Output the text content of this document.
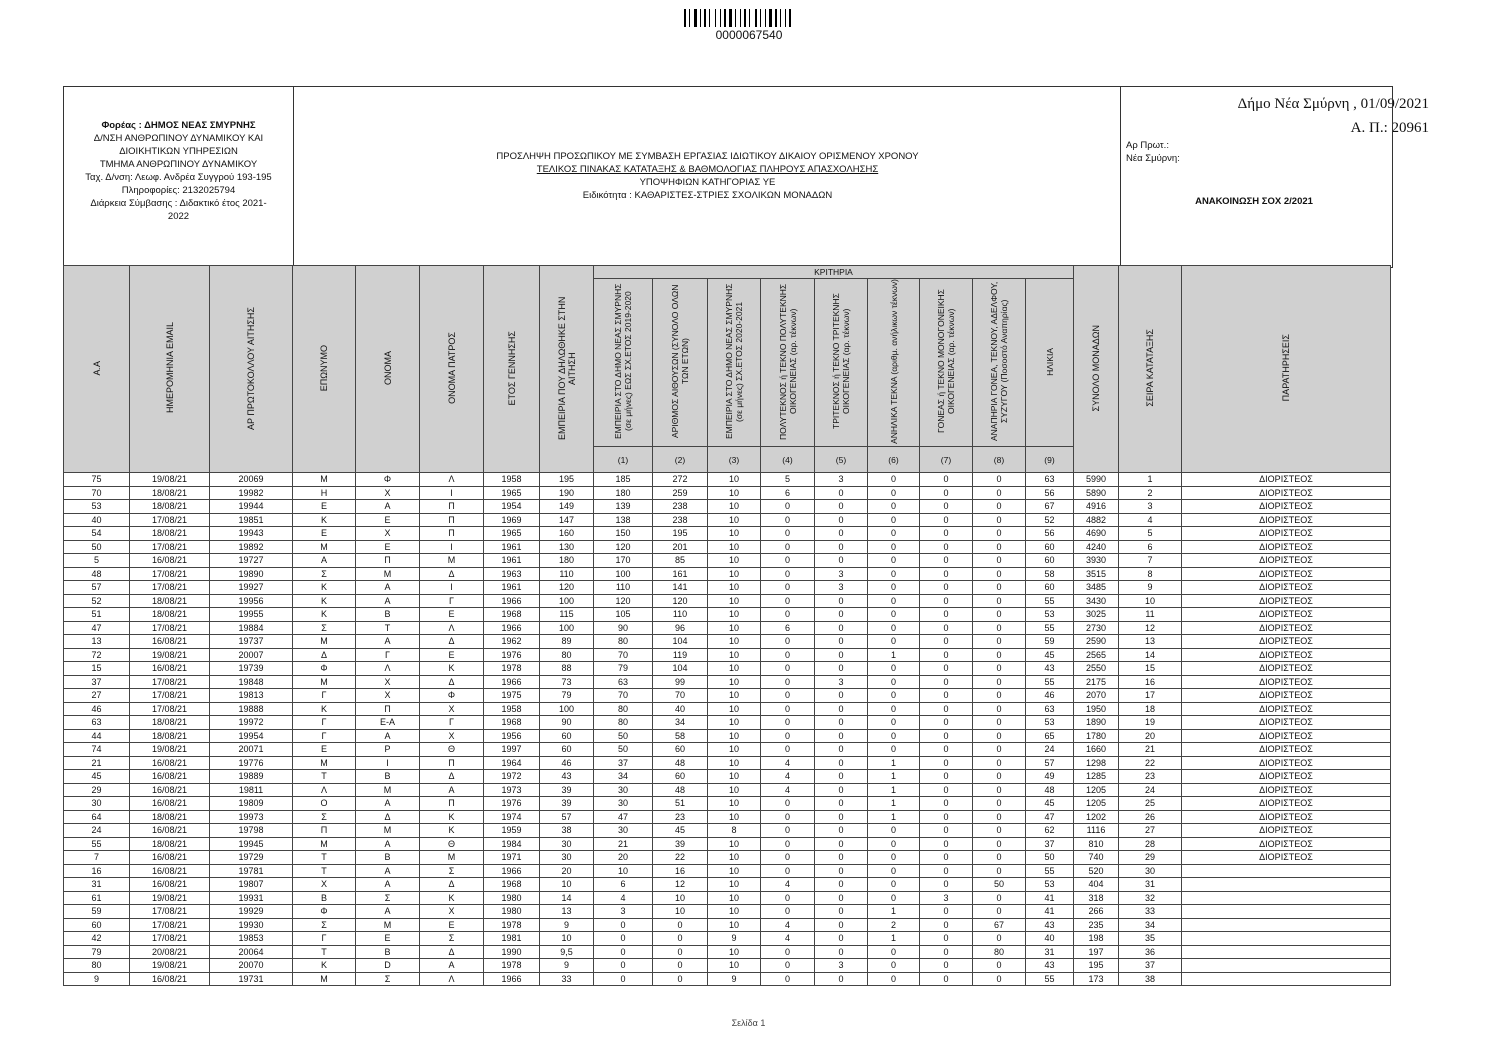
0000067540
Δήμο Νέα Σμύρνη , 01/09/2021
Α. Π.: 20961
Φορέας : ΔΗΜΟΣ ΝΕΑΣ ΣΜΥΡΝΗΣ
Δ/ΝΣΗ ΑΝΘΡΩΠΙΝΟΥ ΔΥΝΑΜΙΚΟΥ ΚΑΙ
ΔΙΟΙΚΗΤΙΚΩΝ ΥΠΗΡΕΣΙΩΝ
ΤΜΗΜΑ ΑΝΘΡΩΠΙΝΟΥ ΔΥΝΑΜΙΚΟΥ
Ταχ. Δ/νση: Λεωφ. Ανδρέα Συγγρού 193-195
Πληροφορίες: 2132025794
Διάρκεια Σύμβασης : Διδακτικό έτος 2021-
2022
ΠΡΟΣΛΗΨΗ ΠΡΟΣΩΠΙΚΟΥ ΜΕ ΣΥΜΒΑΣΗ ΕΡΓΑΣΙΑΣ ΙΔΙΩΤΙΚΟΥ ΔΙΚΑΙΟΥ ΟΡΙΣΜΕΝΟΥ ΧΡΟΝΟΥ
ΤΕΛΙΚΟΣ ΠΙΝΑΚΑΣ ΚΑΤΑΤΑΞΗΣ & ΒΑΘΜΟΛΟΓΙΑΣ ΠΛΗΡΟΥΣ ΑΠΑΣΧΟΛΗΣΗΣ
ΥΠΟΨΗΦΙΩΝ ΚΑΤΗΓΟΡΙΑΣ ΥΕ
Ειδικότητα : ΚΑΘΑΡΙΣΤΕΣ-ΣΤΡΙΕΣ ΣΧΟΛΙΚΩΝ ΜΟΝΑΔΩΝ
Αρ Πρωτ.:
Νέα Σμύρνη:
ΑΝΑΚΟΙΝΩΣΗ ΣΟΧ 2/2021
Α.Α	ΗΜΕΡΟΜΗΝΙΑ EMAIL	ΑΡ ΠΡΩΤΟΚΟΛΛΟΥ ΑΙΤΗΣΗΣ	ΕΠΩΝΥΜΟ	ΟΝΟΜΑ	ΟΝΟΜΑ ΠΑΤΡΟΣ	ΕΤΟΣ ΓΕΝΝΗΣΗΣ	ΕΜΠΕΙΡΙΑ ΠΟΥ ΔΗΛΩΘΗΚΕ ΣΤΗΝ ΑΙΤΗΣΗ	ΚΡΙΤΗΡΙΑ									ΣΥΝΟΛΟ ΜΟΝΑΔΩΝ	ΣΕΙΡΑ ΚΑΤΑΤΑΞΗΣ	ΠΑΡΑΤΗΡΗΣΕΙΣ
								ΕΜΠΕΙΡΙΑ ΣΤΟ ΔΗΜΟ ΝΕΑΣ ΣΜΥΡΝΗΣ (σε μήνες) ΕΩΣ ΣΧ.ΕΤΟΣ 2019-2020	ΑΡΙΘΜΟΣ ΑΙΘΟΥΣΩΝ (ΣΥΝΟΛΟ ΟΛΩΝ ΤΩΝ ΕΤΩΝ)	ΕΜΠΕΙΡΙΑ ΣΤΟ ΔΗΜΟ ΝΕΑΣ ΣΜΥΡΝΗΣ (σε μήνες) ΣΧ.ΕΤΟΣ 2020-2021	ΠΟΛΥΤΕΚΝΟΣ ή ΤΕΚΝΟ ΠΟΛΥΤΕΚΝΗΣ ΟΙΚΟΓΕΝΕΙΑΣ (αρ. τέκνων)	ΤΡΙΤΕΚΝΟΣ ή ΤΕΚΝΟ ΤΡΙΤΕΚΝΗΣ ΟΙΚΟΓΕΝΕΙΑΣ (αρ. τέκνων)	ΑΝΗΛΙΚΑ ΤΕΚΝΑ (αριθμ. ανήλικων τέκνων)	ΓΟΝΕΑΣ ή ΤΕΚΝΟ ΜΟΝΟΓΟΝΕΙΚΗΣ ΟΙΚΟΓΕΝΕΙΑΣ (αρ. τέκνων)	ΑΝΑΠΗΡΙΑ ΓΟΝΕΑ, ΤΕΚΝΟΥ, ΑΔΕΛΦΟΥ, ΣΥΖΥΓΟΥ (Ποσοστό Αναπηρίας)	ΗΛΙΚΙΑ			
								(1)	(2)	(3)	(4)	(5)	(6)	(7)	(8)	(9)			
75	19/08/21	20069	Μ	Φ	Λ	1958	195	185	272	10	5	3	0	0	0	63	5990	1	ΔΙΟΡΙΣΤΕΟΣ
70	18/08/21	19982	Η	Χ	Ι	1965	190	180	259	10	6	0	0	0	0	56	5890	2	ΔΙΟΡΙΣΤΕΟΣ
53	18/08/21	19944	Ε	Α	Π	1954	149	139	238	10	0	0	0	0	0	67	4916	3	ΔΙΟΡΙΣΤΕΟΣ
40	17/08/21	19851	Κ	Ε	Π	1969	147	138	238	10	0	0	0	0	0	52	4882	4	ΔΙΟΡΙΣΤΕΟΣ
54	18/08/21	19943	Ε	Χ	Π	1965	160	150	195	10	0	0	0	0	0	56	4690	5	ΔΙΟΡΙΣΤΕΟΣ
50	17/08/21	19892	Μ	Ε	Ι	1961	130	120	201	10	0	0	0	0	0	60	4240	6	ΔΙΟΡΙΣΤΕΟΣ
5	16/08/21	19727	Α	Π	Μ	1961	180	170	85	10	0	0	0	0	0	60	3930	7	ΔΙΟΡΙΣΤΕΟΣ
48	17/08/21	19890	Σ	Μ	Δ	1963	110	100	161	10	0	3	0	0	0	58	3515	8	ΔΙΟΡΙΣΤΕΟΣ
57	17/08/21	19927	Κ	Α	Ι	1961	120	110	141	10	0	3	0	0	0	60	3485	9	ΔΙΟΡΙΣΤΕΟΣ
52	18/08/21	19956	Κ	Α	Γ	1966	100	120	120	10	0	0	0	0	0	55	3430	10	ΔΙΟΡΙΣΤΕΟΣ
51	18/08/21	19955	Κ	Β	Ε	1968	115	105	110	10	0	0	0	0	0	53	3025	11	ΔΙΟΡΙΣΤΕΟΣ
47	17/08/21	19884	Σ	Τ	Λ	1966	100	90	96	10	6	0	0	0	0	55	2730	12	ΔΙΟΡΙΣΤΕΟΣ
13	16/08/21	19737	Μ	Α	Δ	1962	89	80	104	10	0	0	0	0	0	59	2590	13	ΔΙΟΡΙΣΤΕΟΣ
72	19/08/21	20007	Δ	Γ	Ε	1976	80	70	119	10	0	0	1	0	0	45	2565	14	ΔΙΟΡΙΣΤΕΟΣ
15	16/08/21	19739	Φ	Λ	Κ	1978	88	79	104	10	0	0	0	0	0	43	2550	15	ΔΙΟΡΙΣΤΕΟΣ
37	17/08/21	19848	Μ	Χ	Δ	1966	73	63	99	10	0	3	0	0	0	55	2175	16	ΔΙΟΡΙΣΤΕΟΣ
27	17/08/21	19813	Γ	Χ	Φ	1975	79	70	70	10	0	0	0	0	0	46	2070	17	ΔΙΟΡΙΣΤΕΟΣ
46	17/08/21	19888	Κ	Π	Χ	1958	100	80	40	10	0	0	0	0	0	63	1950	18	ΔΙΟΡΙΣΤΕΟΣ
63	18/08/21	19972	Γ	Ε-Α	Γ	1968	90	80	34	10	0	0	0	0	0	53	1890	19	ΔΙΟΡΙΣΤΕΟΣ
44	18/08/21	19954	Γ	Α	Χ	1956	60	50	58	10	0	0	0	0	0	65	1780	20	ΔΙΟΡΙΣΤΕΟΣ
74	19/08/21	20071	Ε	Ρ	Θ	1997	60	50	60	10	0	0	0	0	0	24	1660	21	ΔΙΟΡΙΣΤΕΟΣ
21	16/08/21	19776	Μ	Ι	Π	1964	46	37	48	10	4	0	1	0	0	57	1298	22	ΔΙΟΡΙΣΤΕΟΣ
45	16/08/21	19889	Τ	Β	Δ	1972	43	34	60	10	4	0	1	0	0	49	1285	23	ΔΙΟΡΙΣΤΕΟΣ
29	16/08/21	19811	Λ	Μ	Α	1973	39	30	48	10	4	0	1	0	0	48	1205	24	ΔΙΟΡΙΣΤΕΟΣ
30	16/08/21	19809	Ο	Α	Π	1976	39	30	51	10	0	0	1	0	0	45	1205	25	ΔΙΟΡΙΣΤΕΟΣ
64	18/08/21	19973	Σ	Δ	Κ	1974	57	47	23	10	0	0	1	0	0	47	1202	26	ΔΙΟΡΙΣΤΕΟΣ
24	16/08/21	19798	Π	Μ	Κ	1959	38	30	45	8	0	0	0	0	0	62	1116	27	ΔΙΟΡΙΣΤΕΟΣ
55	18/08/21	19945	Μ	Α	Θ	1984	30	21	39	10	0	0	0	0	0	37	810	28	ΔΙΟΡΙΣΤΕΟΣ
7	16/08/21	19729	Τ	Β	Μ	1971	30	20	22	10	0	0	0	0	0	50	740	29	ΔΙΟΡΙΣΤΕΟΣ
16	16/08/21	19781	Τ	Α	Σ	1966	20	10	16	10	0	0	0	0	0	55	520	30	
31	16/08/21	19807	Χ	Α	Δ	1968	10	6	12	10	4	0	0	0	50	53	404	31	
61	19/08/21	19931	Β	Σ	Κ	1980	14	4	10	10	0	0	0	3	0	41	318	32	
59	17/08/21	19929	Φ	Α	Χ	1980	13	3	10	10	0	0	1	0	0	41	266	33	
60	17/08/21	19930	Σ	Μ	Ε	1978	9	0	0	10	4	0	2	0	67	43	235	34	
42	17/08/21	19853	Γ	Ε	Σ	1981	10	0	0	9	4	0	1	0	0	40	198	35	
79	20/08/21	20064	Τ	Β	Δ	1990	9,5	0	0	10	0	0	0	0	80	31	197	36	
80	19/08/21	20070	Κ	D	Α	1978	9	0	0	10	0	3	0	0	0	43	195	37	
9	16/08/21	19731	Μ	Σ	Λ	1966	33	0	0	9	0	0	0	0	0	55	173	38	
Σελίδα 1
